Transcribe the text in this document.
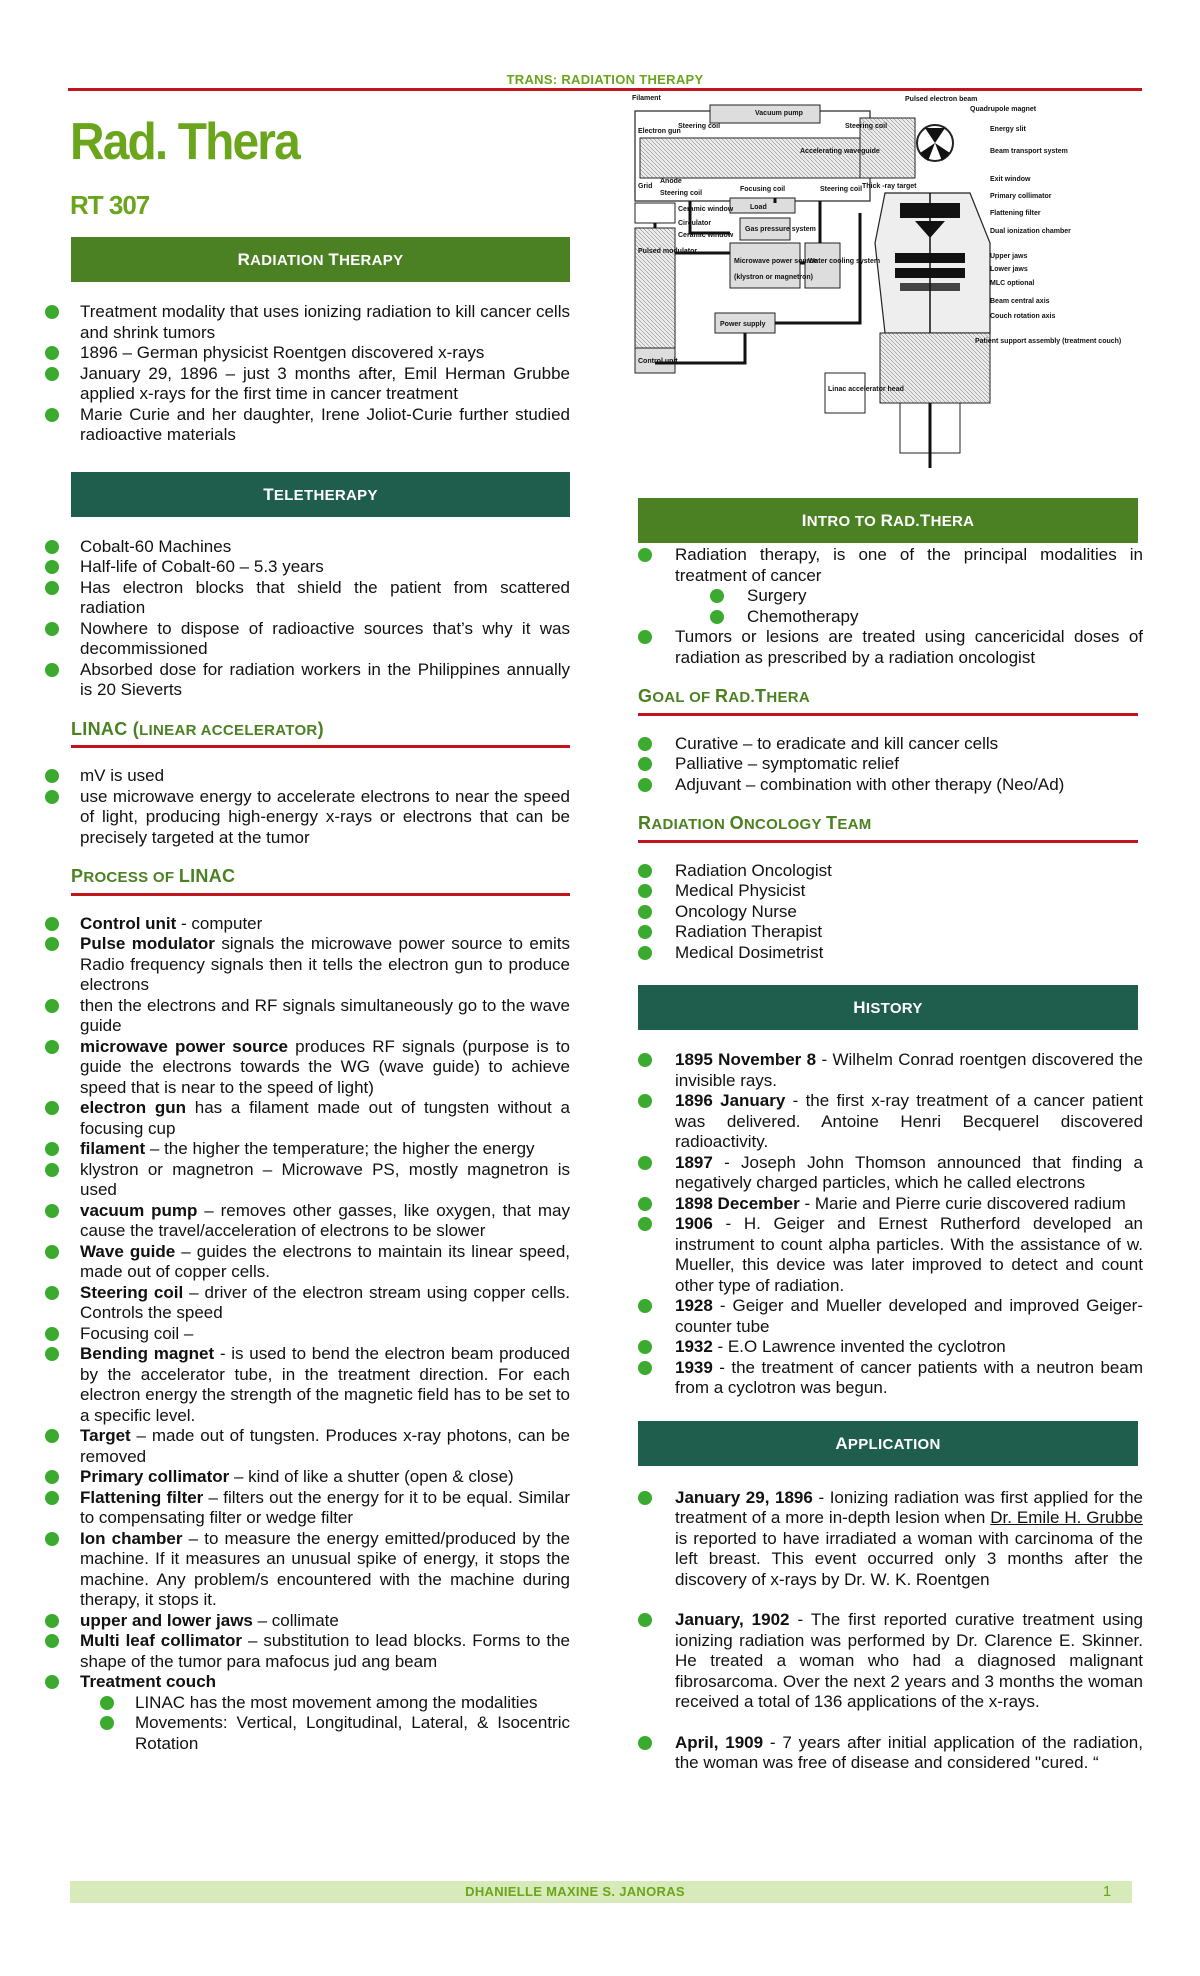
TRANS: RADIATION THERAPY
Rad. Thera
RT 307
RADIATION THERAPY
Treatment modality that uses ionizing radiation to kill cancer cells and shrink tumors
1896 – German physicist Roentgen discovered x-rays
January 29, 1896 – just 3 months after, Emil Herman Grubbe applied x-rays for the first time in cancer treatment
Marie Curie and her daughter, Irene Joliot-Curie further studied radioactive materials
TELETHERAPY
Cobalt-60 Machines
Half-life of Cobalt-60 – 5.3 years
Has electron blocks that shield the patient from scattered radiation
Nowhere to dispose of radioactive sources that’s why it was decommissioned
Absorbed dose for radiation workers in the Philippines annually is 20 Sieverts
LINAC (LINEAR ACCELERATOR)
mV is used
use microwave energy to accelerate electrons to near the speed of light, producing high-energy x-rays or electrons that can be precisely targeted at the tumor
PROCESS OF LINAC
Control unit - computer
Pulse modulator signals the microwave power source to emits Radio frequency signals then it tells the electron gun to produce electrons
then the electrons and RF signals simultaneously go to the wave guide
microwave power source produces RF signals (purpose is to guide the electrons towards the WG (wave guide) to achieve speed that is near to the speed of light)
electron gun has a filament made out of tungsten without a focusing cup
filament – the higher the temperature; the higher the energy
klystron or magnetron – Microwave PS, mostly magnetron is used
vacuum pump – removes other gasses, like oxygen, that may cause the travel/acceleration of electrons to be slower
Wave guide – guides the electrons to maintain its linear speed, made out of copper cells.
Steering coil – driver of the electron stream using copper cells. Controls the speed
Focusing coil –
Bending magnet - is used to bend the electron beam produced by the accelerator tube, in the treatment direction. For each electron energy the strength of the magnetic field has to be set to a specific level.
Target – made out of tungsten. Produces x-ray photons, can be removed
Primary collimator – kind of like a shutter (open & close)
Flattening filter – filters out the energy for it to be equal. Similar to compensating filter or wedge filter
Ion chamber – to measure the energy emitted/produced by the machine. If it measures an unusual spike of energy, it stops the machine. Any problem/s encountered with the machine during therapy, it stops it.
upper and lower jaws – collimate
Multi leaf collimator – substitution to lead blocks. Forms to the shape of the tumor para mafocus jud ang beam
Treatment couch
LINAC has the most movement among the modalities
Movements: Vertical, Longitudinal, Lateral, & Isocentric Rotation
Filament
Vacuum pump
Pulsed electron beam
Quadrupole magnet
Steering coil	Steering coil
Electron gun
Accelerating waveguide
Energy slit
Beam transport system
Grid
Anode
Steering coil
Focusing coil	Steering coil Thick -ray target
Exit window
Load
Ceramic window
Circulator
Ceramic window
Gas pressure system
Primary collimator
Flattening filter
Dual ionization chamber
Pulsed modulator
Microwave power source
(klystron or magnetron)
Water cooling system
Upper jaws
Lower jaws
MLC optional
Linac accelerator head
Beam central axis
Couch rotation axis
Power supply
Patient support assembly (treatment couch)
Control unit
INTRO TO RAD.THERA
Radiation therapy, is one of the principal modalities in treatment of cancer
Surgery
Chemotherapy
Tumors or lesions are treated using cancericidal doses of radiation as prescribed by a radiation oncologist
GOAL OF RAD.THERA
Curative – to eradicate and kill cancer cells
Palliative – symptomatic relief
Adjuvant – combination with other therapy (Neo/Ad)
RADIATION ONCOLOGY TEAM
Radiation Oncologist
Medical Physicist
Oncology Nurse
Radiation Therapist
Medical Dosimetrist
HISTORY
1895 November 8 - Wilhelm Conrad roentgen discovered the invisible rays.
1896 January - the first x-ray treatment of a cancer patient was delivered. Antoine Henri Becquerel discovered radioactivity.
1897 - Joseph John Thomson announced that finding a negatively charged particles, which he called electrons
1898 December - Marie and Pierre curie discovered radium
1906 - H. Geiger and Ernest Rutherford developed an instrument to count alpha particles. With the assistance of w. Mueller, this device was later improved to detect and count other type of radiation.
1928 - Geiger and Mueller developed and improved Geiger-counter tube
1932 - E.O Lawrence invented the cyclotron
1939 - the treatment of cancer patients with a neutron beam from a cyclotron was begun.
APPLICATION
January 29, 1896 - Ionizing radiation was first applied for the treatment of a more in-depth lesion when Dr. Emile H. Grubbe is reported to have irradiated a woman with carcinoma of the left breast. This event occurred only 3 months after the discovery of x-rays by Dr. W. K. Roentgen
January, 1902 - The first reported curative treatment using ionizing radiation was performed by Dr. Clarence E. Skinner. He treated a woman who had a diagnosed malignant fibrosarcoma. Over the next 2 years and 3 months the woman received a total of 136 applications of the x-rays.
April, 1909 - 7 years after initial application of the radiation, the woman was free of disease and considered "cured. “
DHANIELLE MAXINE S. JANORAS	1
